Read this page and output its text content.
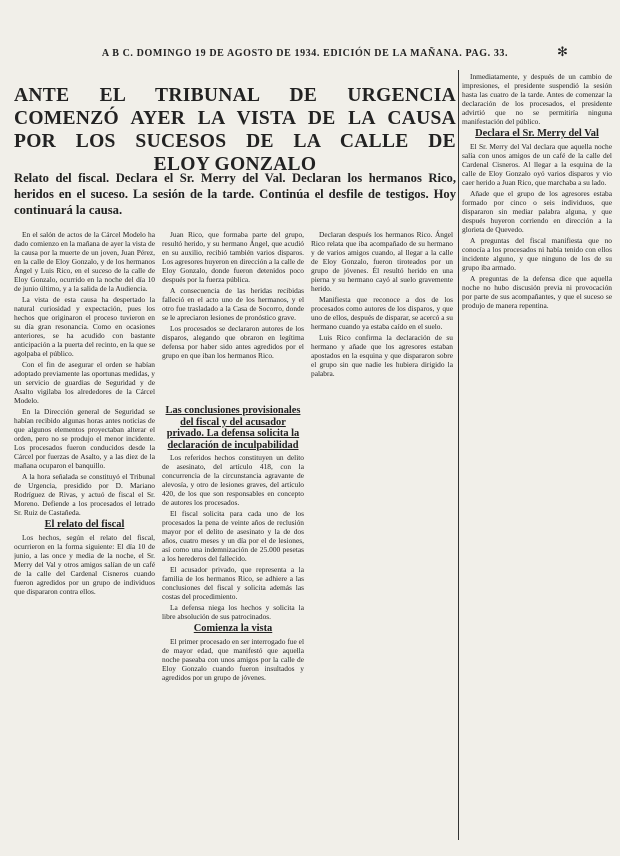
A B C. DOMINGO 19 DE AGOSTO DE 1934. EDICIÓN DE LA MAÑANA. PAG. 33.	✻
ANTE EL TRIBUNAL DE URGENCIA
COMENZÓ AYER LA VISTA DE LA CAUSA
POR LOS SUCESOS DE LA CALLE DE
ELOY GONZALO

Relato del fiscal. Declara el Sr. Merry del Val. Declaran los hermanos Rico, heridos en el suceso. La sesión de la tarde. Continúa el desfile de testigos. Hoy continuará la causa.

En el salón de actos de la Cárcel Modelo ha dado comienzo en la mañana de ayer la vista de la causa por la muerte de un joven, Juan Pérez, en la calle de Eloy Gonzalo, y de los hermanos Ángel y Luis Rico, en el suceso de la calle de Eloy Gonzalo, ocurrido en la noche del día 10 de junio último, y a la salida de la Audiencia.

La vista de esta causa ha despertado la natural curiosidad y expectación, pues los hechos que originaron el proceso tuvieron en su día gran resonancia. Como en ocasiones anteriores, se ha acudido con bastante anticipación a la puerta del recinto, en la que se agolpaba el público.

Con el fin de asegurar el orden se habían adoptado previamente las oportunas medidas, y un servicio de guardias de Seguridad y de Asalto vigilaba los alrededores de la Cárcel Modelo.

En la Dirección general de Seguridad se habían recibido algunas horas antes noticias de que algunos elementos proyectaban alterar el orden, pero no se produjo el menor incidente. Los procesados fueron conducidos desde la Cárcel por fuerzas de Asalto, y a las diez de la mañana ocuparon el banquillo.

A la hora señalada se constituyó el Tribunal de Urgencia, presidido por D. Mariano Rodríguez de Rivas, y actuó de fiscal el Sr. Moreno. Defiende a los procesados el letrado Sr. Ruiz de Castañeda.

El relato del fiscal

Los hechos, según el relato del fiscal, ocurrieron en la forma siguiente: El día 10 de junio, a las once y media de la noche, el Sr. Merry del Val y otros amigos salían de un café de la calle del Cardenal Cisneros cuando fueron agredidos por un grupo de individuos que dispararon contra ellos.

Juan Rico, que formaba parte del grupo, resultó herido, y su hermano Ángel, que acudió en su auxilio, recibió también varios disparos. Los agresores huyeron en dirección a la calle de Eloy Gonzalo, donde fueron detenidos poco después por la fuerza pública.

A consecuencia de las heridas recibidas falleció en el acto uno de los hermanos, y el otro fue trasladado a la Casa de Socorro, donde se le apreciaron lesiones de pronóstico grave.

Los procesados se declararon autores de los disparos, alegando que obraron en legítima defensa por haber sido antes agredidos por el grupo en que iban los hermanos Rico.

Las conclusiones provisionales del fiscal y del acusador privado. La defensa solicita la declaración de inculpabilidad

Los referidos hechos constituyen un delito de asesinato, del artículo 418, con la concurrencia de la circunstancia agravante de alevosía, y otro de lesiones graves, del artículo 420, de los que son responsables en concepto de autores los procesados.

El fiscal solicita para cada uno de los procesados la pena de veinte años de reclusión mayor por el delito de asesinato y la de dos años, cuatro meses y un día por el de lesiones, así como una indemnización de 25.000 pesetas a los herederos del fallecido.

El acusador privado, que representa a la familia de los hermanos Rico, se adhiere a las conclusiones del fiscal y solicita además las costas del procedimiento.

La defensa niega los hechos y solicita la libre absolución de sus patrocinados.

Comienza la vista

El primer procesado en ser interrogado fue el de mayor edad, que manifestó que aquella noche paseaba con unos amigos por la calle de Eloy Gonzalo cuando fueron insultados y agredidos por un grupo de jóvenes.

Declaran después los hermanos Rico. Ángel Rico relata que iba acompañado de su hermano y de varios amigos cuando, al llegar a la calle de Eloy Gonzalo, fueron tiroteados por un grupo de jóvenes. Él resultó herido en una pierna y su hermano cayó al suelo gravemente herido.

Manifiesta que reconoce a dos de los procesados como autores de los disparos, y que uno de ellos, después de disparar, se acercó a su hermano cuando ya estaba caído en el suelo.

Luis Rico confirma la declaración de su hermano y añade que los agresores estaban apostados en la esquina y que dispararon sobre el grupo sin que nadie les hubiera dirigido la palabra.

Inmediatamente, y después de un cambio de impresiones, el presidente suspendió la sesión hasta las cuatro de la tarde. Antes de comenzar la declaración de los procesados, el presidente advirtió que no se permitiría ninguna manifestación del público.

Declara el Sr. Merry del Val

El Sr. Merry del Val declara que aquella noche salía con unos amigos de un café de la calle del Cardenal Cisneros. Al llegar a la esquina de la calle de Eloy Gonzalo oyó varios disparos y vio caer herido a Juan Rico, que marchaba a su lado.

Añade que el grupo de los agresores estaba formado por cinco o seis individuos, que dispararon sin mediar palabra alguna, y que después huyeron corriendo en dirección a la glorieta de Quevedo.

A preguntas del fiscal manifiesta que no conocía a los procesados ni había tenido con ellos incidente alguno, y que ninguno de los de su grupo iba armado.

A preguntas de la defensa dice que aquella noche no hubo discusión previa ni provocación por parte de sus acompañantes, y que el suceso se produjo de manera repentina.
